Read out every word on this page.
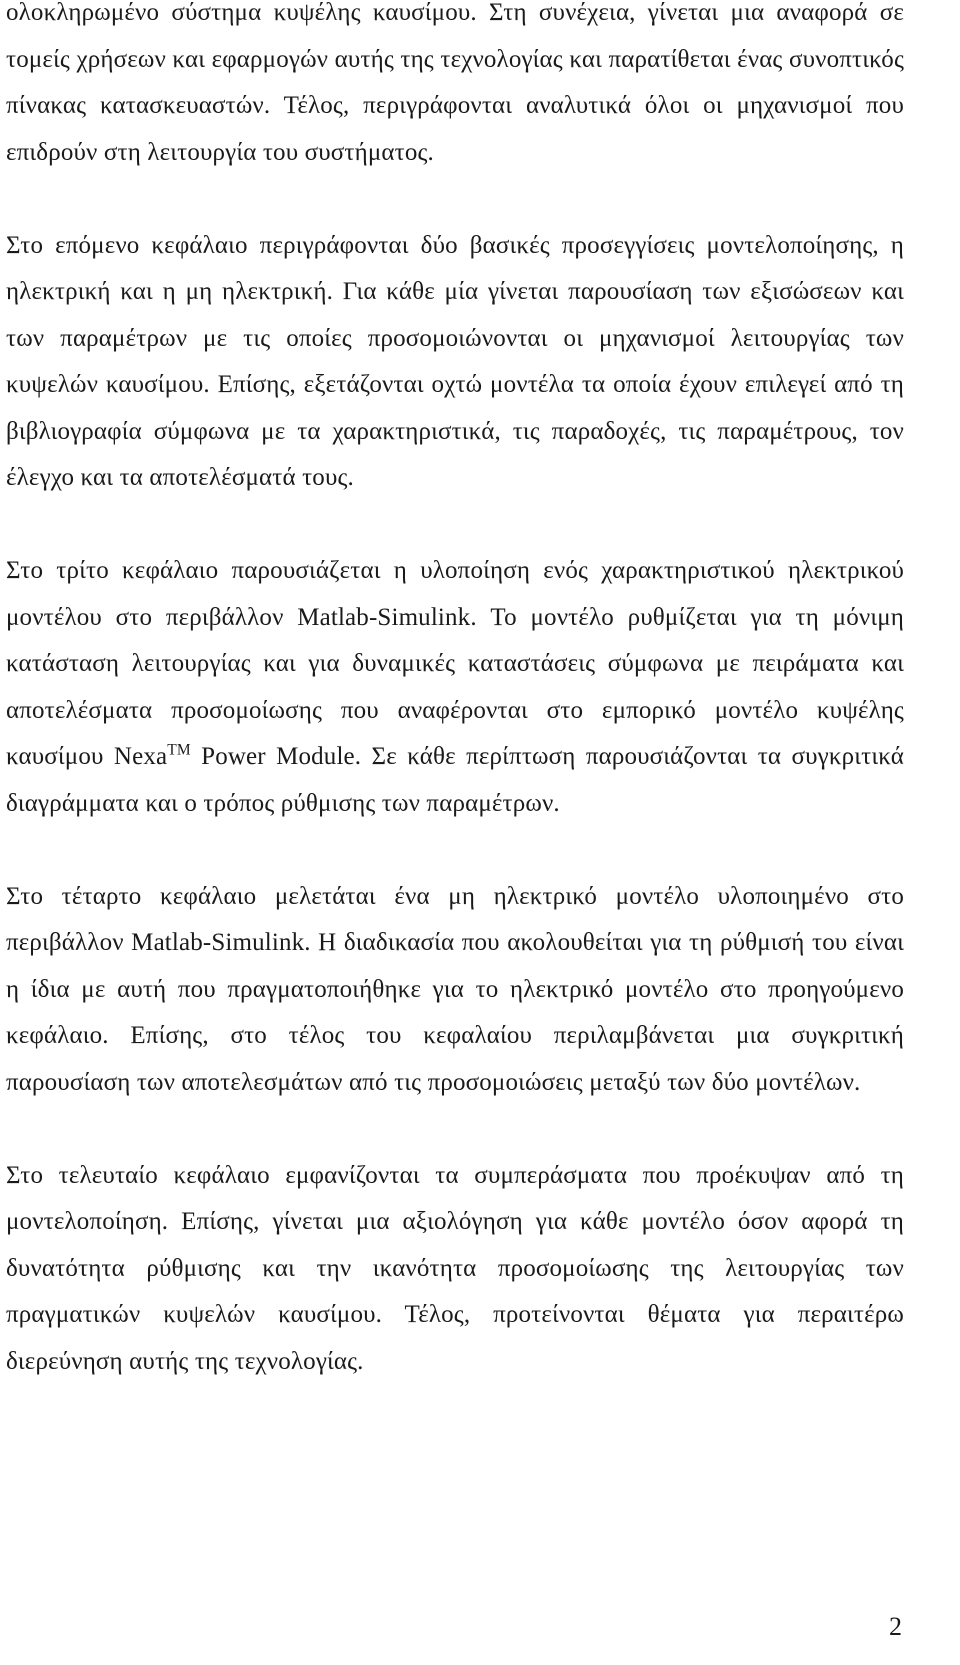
ολοκληρωμένο σύστημα κυψέλης καυσίμου. Στη συνέχεια, γίνεται μια αναφορά σε τομείς χρήσεων και εφαρμογών αυτής της τεχνολογίας και παρατίθεται ένας συνοπτικός πίνακας κατασκευαστών. Τέλος, περιγράφονται αναλυτικά όλοι οι μηχανισμοί που επιδρούν στη λειτουργία του συστήματος.

Στο επόμενο κεφάλαιο περιγράφονται δύο βασικές προσεγγίσεις μοντελοποίησης, η ηλεκτρική και η μη ηλεκτρική. Για κάθε μία γίνεται παρουσίαση των εξισώσεων και των παραμέτρων με τις οποίες προσομοιώνονται οι μηχανισμοί λειτουργίας των κυψελών καυσίμου. Επίσης, εξετάζονται οχτώ μοντέλα τα οποία έχουν επιλεγεί από τη βιβλιογραφία σύμφωνα με τα χαρακτηριστικά, τις παραδοχές, τις παραμέτρους, τον έλεγχο και τα αποτελέσματά τους.

Στο τρίτο κεφάλαιο παρουσιάζεται η υλοποίηση ενός χαρακτηριστικού ηλεκτρικού μοντέλου στο περιβάλλον Matlab-Simulink. Το μοντέλο ρυθμίζεται για τη μόνιμη κατάσταση λειτουργίας και για δυναμικές καταστάσεις σύμφωνα με πειράματα και αποτελέσματα προσομοίωσης που αναφέρονται στο εμπορικό μοντέλο κυψέλης καυσίμου Nexa™ Power Module. Σε κάθε περίπτωση παρουσιάζονται τα συγκριτικά διαγράμματα και ο τρόπος ρύθμισης των παραμέτρων.

Στο τέταρτο κεφάλαιο μελετάται ένα μη ηλεκτρικό μοντέλο υλοποιημένο στο περιβάλλον Matlab-Simulink. Η διαδικασία που ακολουθείται για τη ρύθμισή του είναι η ίδια με αυτή που πραγματοποιήθηκε για το ηλεκτρικό μοντέλο στο προηγούμενο κεφάλαιο. Επίσης, στο τέλος του κεφαλαίου περιλαμβάνεται μια συγκριτική παρουσίαση των αποτελεσμάτων από τις προσομοιώσεις μεταξύ των δύο μοντέλων.

Στο τελευταίο κεφάλαιο εμφανίζονται τα συμπεράσματα που προέκυψαν από τη μοντελοποίηση. Επίσης, γίνεται μια αξιολόγηση για κάθε μοντέλο όσον αφορά τη δυνατότητα ρύθμισης και την ικανότητα προσομοίωσης της λειτουργίας των πραγματικών κυψελών καυσίμου. Τέλος, προτείνονται θέματα για περαιτέρω διερεύνηση αυτής της τεχνολογίας.

2
